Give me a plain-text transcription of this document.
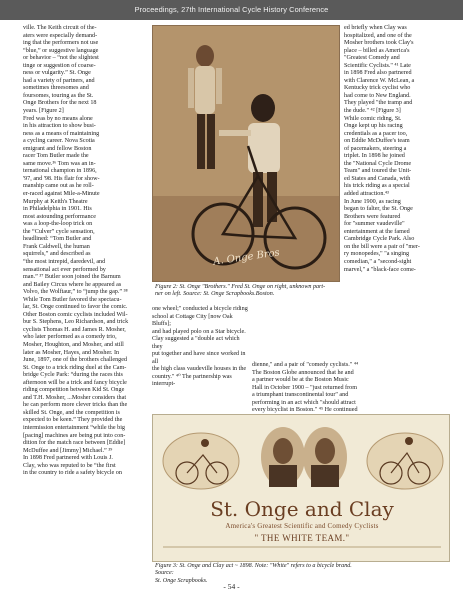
Proceedings, 27th International Cycle History Conference
ville. The Keith circuit of the-
aters were especially demand-
ing that the performers not use
“blue,” or suggestive language
or behavior – “not the slightest
tinge or suggestion of coarse-
ness or vulgarity.” St. Onge
had a variety of partners, and
sometimes threesomes and
foursomes, touring as the St.
Onge Brothers for the next 18
years. [Figure 2]
Fred was by no means alone
in his attraction to show busi-
ness as a means of maintaining
a cycling career. Nova Scotia
emigrant and fellow Boston
racer Tom Butler made the
same move.³⁶ Tom was an in-
ternational champion in 1896,
'97, and '98. His flair for show-
manship came out as he roll-
er-raced against Mile-a-Minute
Murphy at Keith's Theatre
in Philadelphia in 1901. His
most astounding performance
was a loop-the-loop trick on
the “Culver” cycle sensation,
headlined: “Tom Butler and
Frank Caldwell, the human
squirrels,” and described as
“the most intrepid, daredevil, and
sensational act ever performed by
man.” ³⁷ Butler soon joined the Barnum
and Bailey Circus where he appeared as
Volvo, the Wolftaur,” to “jump the gap.” ³⁸
While Tom Butler favored the spectacu-
lar, St. Onge continued to favor the comic.
Other Boston comic cyclists included Wil-
bur S. Stephens, Leo Richardson, and trick
cyclists Thomas H. and James R. Mosher,
who later performed as a comedy trio,
Mosher, Houghton, and Mosher, and still
later as Mosher, Hayes, and Mosher. In
June, 1897, one of the brothers challenged
St. Onge to a trick riding duel at the Cam-
bridge Cycle Park: “during the races this
afternoon will be a trick and fancy bicycle
riding competition between Kid St. Onge
and T.H. Mosher, ...Mosher considers that
he can perform more clever tricks than the
skilled St. Onge, and the competition is
expected to be keen.” They provided the
intermission entertainment “while the big
[pacing] machines are being put into con-
dition for the match race between [Eddie]
McDuffee and [Jimmy] Michael.” ³⁹
In 1898 Fred partnered with Louis J.
Clay, who was reputed to be “the first
in the country to ride a safety bicycle on
A. Onge Bros
Figure 2: St. Onge "Brothers." Fred St. Onge on right, unknown part-
ner on left. Source: St. Onge Scrapbooks.Boston.
one wheel;" conducted a bicycle riding
school at Cottage City [now Oak Bluffs];
and had played polo on a Star bicycle.
Clay suggested a "double act which they
put together and have since worked in all
the high class vaudeville houses in the
country." ⁴⁰ The partnership was interrupt-
ed briefly when Clay was
hospitalized, and one of the
Mosher brothers took Clay's
place – billed as America's
"Greatest Comedy and
Scientific Cyclists." ⁴¹ Late
in 1898 Fred also partnered
with Clarence W. McLean, a
Kentucky trick cyclist who
had come to New England.
They played "the tramp and
the dude." ⁴² [Figure 3]
While comic riding, St.
Onge kept up his racing
credentials as a pacer too,
on Eddie McDuffee's team
of pacemakers, steering a
triplet. In 1898 he joined
the "National Cycle Drome
Team" and toured the Unit-
ed States and Canada, with
his trick riding as a special
added attraction.⁴³
In June 1900, as racing
began to falter, the St. Onge
Brothers were featured
for "summer vaudeville"
entertainment at the famed
Cambridge Cycle Park. Also
on the bill were a pair of "mer-
ry monopedes," "a singing
comedian," a "second-sight
marvel," a "black-face come-
dienne," and a pair of "comedy cyclists." ⁴⁴
The Boston Globe announced that he and
a partner would be at the Boston Music
Hall in October 1900 – "just returned from
a triumphant transcontinental tour" and
performing in an act which "should attract
every bicyclist in Boston." ⁴⁵ He continued
St. Onge and Clay
America's Greatest Scientific and Comedy Cyclists
" THE WHITE TEAM."
Figure 3: St. Onge and Clay act ~ 1898. Note: "White" refers to a bicycle brand. Source:
St. Onge Scrapbooks.
- 54 -
